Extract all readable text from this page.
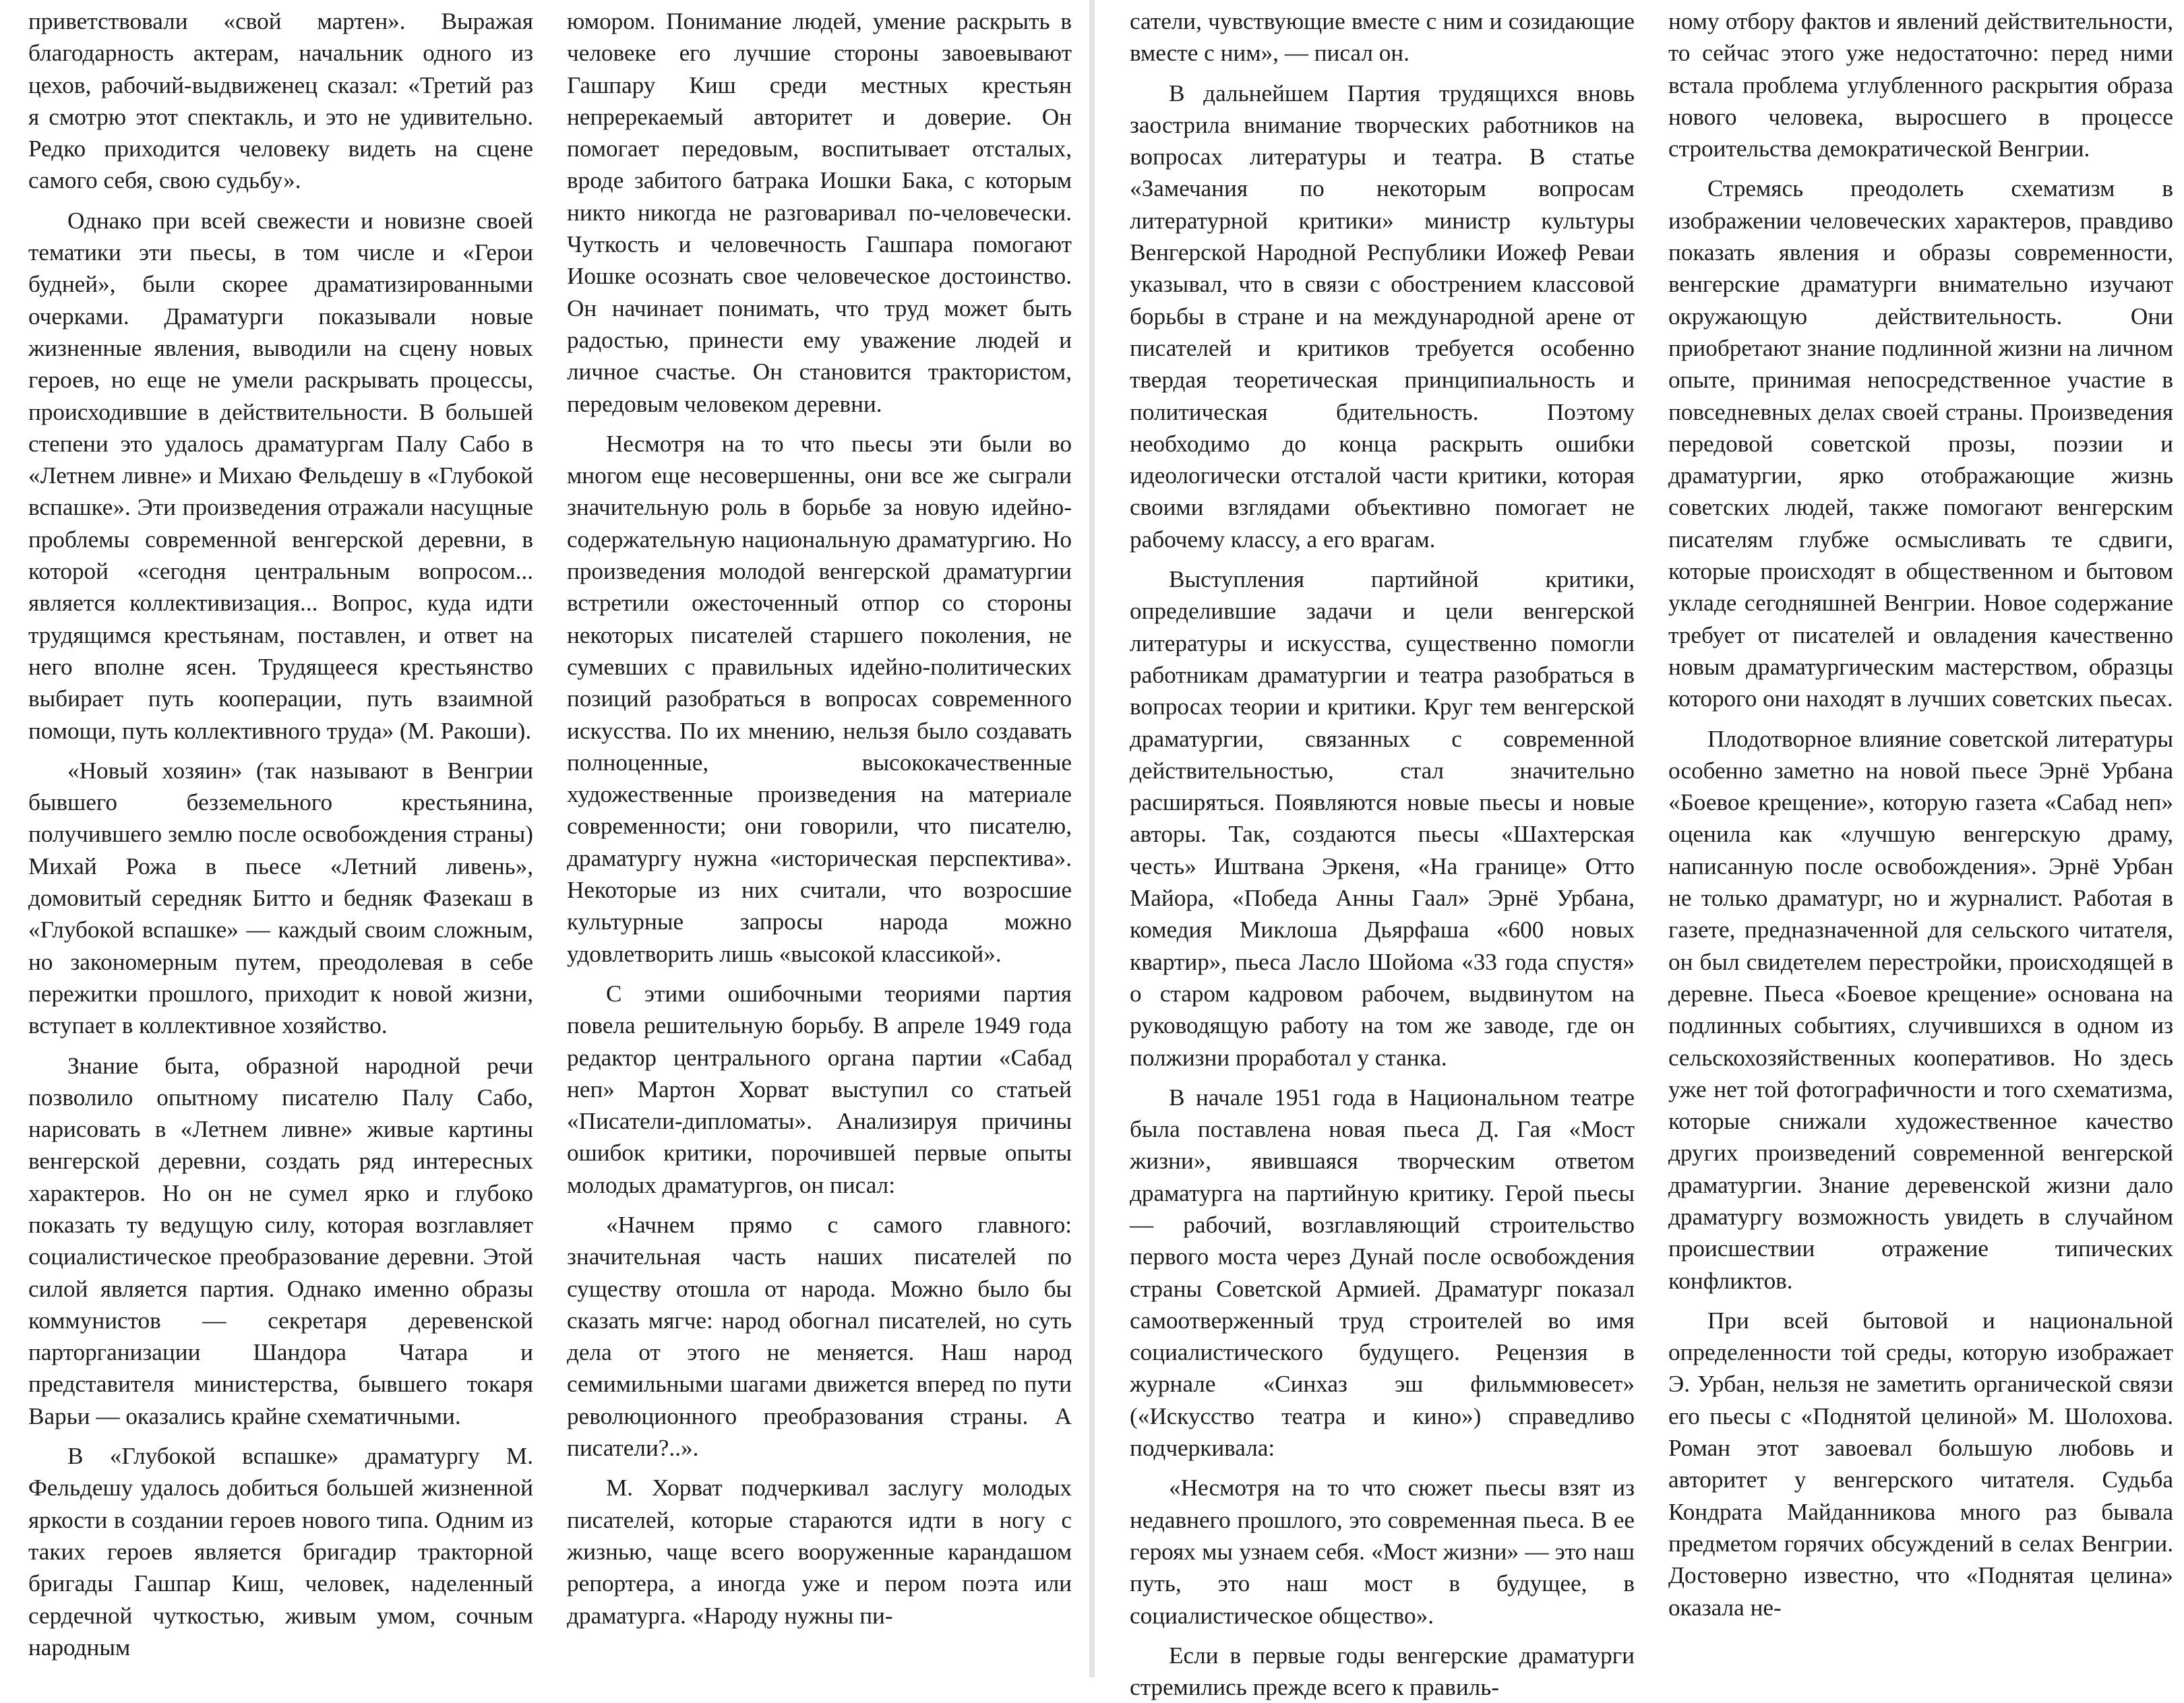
приветствовали «свой мартен». Выражая благодарность актерам, начальник одного из цехов, рабочий-выдвиженец сказал: «Третий раз я смотрю этот спектакль, и это не удивительно. Редко приходится человеку видеть на сцене самого себя, свою судьбу».

Однако при всей свежести и новизне своей тематики эти пьесы, в том числе и «Герои будней», были скорее драматизированными очерками. Драматурги показывали новые жизненные явления, выводили на сцену новых героев, но еще не умели раскрывать процессы, происходившие в действительности. В большей степени это удалось драматургам Палу Сабо в «Летнем ливне» и Михаю Фельдешу в «Глубокой вспашке». Эти произведения отражали насущные проблемы современной венгерской деревни, в которой «сегодня центральным вопросом... является коллективизация... Вопрос, куда идти трудящимся крестьянам, поставлен, и ответ на него вполне ясен. Трудящееся крестьянство выбирает путь кооперации, путь взаимной помощи, путь коллективного труда» (М. Ракоши).

«Новый хозяин» (так называют в Венгрии бывшего безземельного крестьянина, получившего землю после освобождения страны) Михай Рожа в пьесе «Летний ливень», домовитый середняк Битто и бедняк Фазекаш в «Глубокой вспашке» — каждый своим сложным, но закономерным путем, преодолевая в себе пережитки прошлого, приходит к новой жизни, вступает в коллективное хозяйство.

Знание быта, образной народной речи позволило опытному писателю Палу Сабо, нарисовать в «Летнем ливне» живые картины венгерской деревни, создать ряд интересных характеров. Но он не сумел ярко и глубоко показать ту ведущую силу, которая возглавляет социалистическое преобразование деревни. Этой силой является партия. Однако именно образы коммунистов — секретаря деревенской парторганизации Шандора Чатара и представителя министерства, бывшего токаря Варьи — оказались крайне схематичными.

В «Глубокой вспашке» драматургу М. Фельдешу удалось добиться большей жизненной яркости в создании героев нового типа. Одним из таких героев является бригадир тракторной бригады Гашпар Киш, человек, наделенный сердечной чуткостью, живым умом, сочным народным

юмором. Понимание людей, умение раскрыть в человеке его лучшие стороны завоевывают Гашпару Киш среди местных крестьян непререкаемый авторитет и доверие. Он помогает передовым, воспитывает отсталых, вроде забитого батрака Иошки Бака, с которым никто никогда не разговаривал по-человечески. Чуткость и человечность Гашпара помогают Иошке осознать свое человеческое достоинство. Он начинает понимать, что труд может быть радостью, принести ему уважение людей и личное счастье. Он становится трактористом, передовым человеком деревни.

Несмотря на то что пьесы эти были во многом еще несовершенны, они все же сыграли значительную роль в борьбе за новую идейно-содержательную национальную драматургию. Но произведения молодой венгерской драматургии встретили ожесточенный отпор со стороны некоторых писателей старшего поколения, не сумевших с правильных идейно-политических позиций разобраться в вопросах современного искусства. По их мнению, нельзя было создавать полноценные, высококачественные художественные произведения на материале современности; они говорили, что писателю, драматургу нужна «историческая перспектива». Некоторые из них считали, что возросшие культурные запросы народа можно удовлетворить лишь «высокой классикой».

С этими ошибочными теориями партия повела решительную борьбу. В апреле 1949 года редактор центрального органа партии «Сабад неп» Мартон Хорват выступил со статьей «Писатели-дипломаты». Анализируя причины ошибок критики, порочившей первые опыты молодых драматургов, он писал:

«Начнем прямо с самого главного: значительная часть наших писателей по существу отошла от народа. Можно было бы сказать мягче: народ обогнал писателей, но суть дела от этого не меняется. Наш народ семимильными шагами движется вперед по пути революционного преобразования страны. А писатели?..».

М. Хорват подчеркивал заслугу молодых писателей, которые стараются идти в ногу с жизнью, чаще всего вооруженные карандашом репортера, а иногда уже и пером поэта или драматурга. «Народу нужны пи-

сатели, чувствующие вместе с ним и созидающие вместе с ним», — писал он.

В дальнейшем Партия трудящихся вновь заострила внимание творческих работников на вопросах литературы и театра. В статье «Замечания по некоторым вопросам литературной критики» министр культуры Венгерской Народной Республики Иожеф Реваи указывал, что в связи с обострением классовой борьбы в стране и на международной арене от писателей и критиков требуется особенно твердая теоретическая принципиальность и политическая бдительность. Поэтому необходимо до конца раскрыть ошибки идеологически отсталой части критики, которая своими взглядами объективно помогает не рабочему классу, а его врагам.

Выступления партийной критики, определившие задачи и цели венгерской литературы и искусства, существенно помогли работникам драматургии и театра разобраться в вопросах теории и критики. Круг тем венгерской драматургии, связанных с современной действительностью, стал значительно расширяться. Появляются новые пьесы и новые авторы. Так, создаются пьесы «Шахтерская честь» Иштвана Эркеня, «На границе» Отто Майора, «Победа Анны Гаал» Эрнё Урбана, комедия Миклоша Дьярфаша «600 новых квартир», пьеса Ласло Шойома «33 года спустя» о старом кадровом рабочем, выдвинутом на руководящую работу на том же заводе, где он полжизни проработал у станка.

В начале 1951 года в Национальном театре была поставлена новая пьеса Д. Гая «Мост жизни», явившаяся творческим ответом драматурга на партийную критику. Герой пьесы — рабочий, возглавляющий строительство первого моста через Дунай после освобождения страны Советской Армией. Драматург показал самоотверженный труд строителей во имя социалистического будущего. Рецензия в журнале «Синхаз эш фильммювесет» («Искусство театра и кино») справедливо подчеркивала:

«Несмотря на то что сюжет пьесы взят из недавнего прошлого, это современная пьеса. В ее героях мы узнаем себя. «Мост жизни» — это наш путь, это наш мост в будущее, в социалистическое общество».

Если в первые годы венгерские драматурги стремились прежде всего к правиль-

ному отбору фактов и явлений действительности, то сейчас этого уже недостаточно: перед ними встала проблема углубленного раскрытия образа нового человека, выросшего в процессе строительства демократической Венгрии.

Стремясь преодолеть схематизм в изображении человеческих характеров, правдиво показать явления и образы современности, венгерские драматурги внимательно изучают окружающую действительность. Они приобретают знание подлинной жизни на личном опыте, принимая непосредственное участие в повседневных делах своей страны. Произведения передовой советской прозы, поэзии и драматургии, ярко отображающие жизнь советских людей, также помогают венгерским писателям глубже осмысливать те сдвиги, которые происходят в общественном и бытовом укладе сегодняшней Венгрии. Новое содержание требует от писателей и овладения качественно новым драматургическим мастерством, образцы которого они находят в лучших советских пьесах.

Плодотворное влияние советской литературы особенно заметно на новой пьесе Эрнё Урбана «Боевое крещение», которую газета «Сабад неп» оценила как «лучшую венгерскую драму, написанную после освобождения». Эрнё Урбан не только драматург, но и журналист. Работая в газете, предназначенной для сельского читателя, он был свидетелем перестройки, происходящей в деревне. Пьеса «Боевое крещение» основана на подлинных событиях, случившихся в одном из сельскохозяйственных кооперативов. Но здесь уже нет той фотографичности и того схематизма, которые снижали художественное качество других произведений современной венгерской драматургии. Знание деревенской жизни дало драматургу возможность увидеть в случайном происшествии отражение типических конфликтов.

При всей бытовой и национальной определенности той среды, которую изображает Э. Урбан, нельзя не заметить органической связи его пьесы с «Поднятой целиной» М. Шолохова. Роман этот завоевал большую любовь и авторитет у венгерского читателя. Судьба Кондрата Майданникова много раз бывала предметом горячих обсуждений в селах Венгрии. Достоверно известно, что «Поднятая целина» оказала не-
